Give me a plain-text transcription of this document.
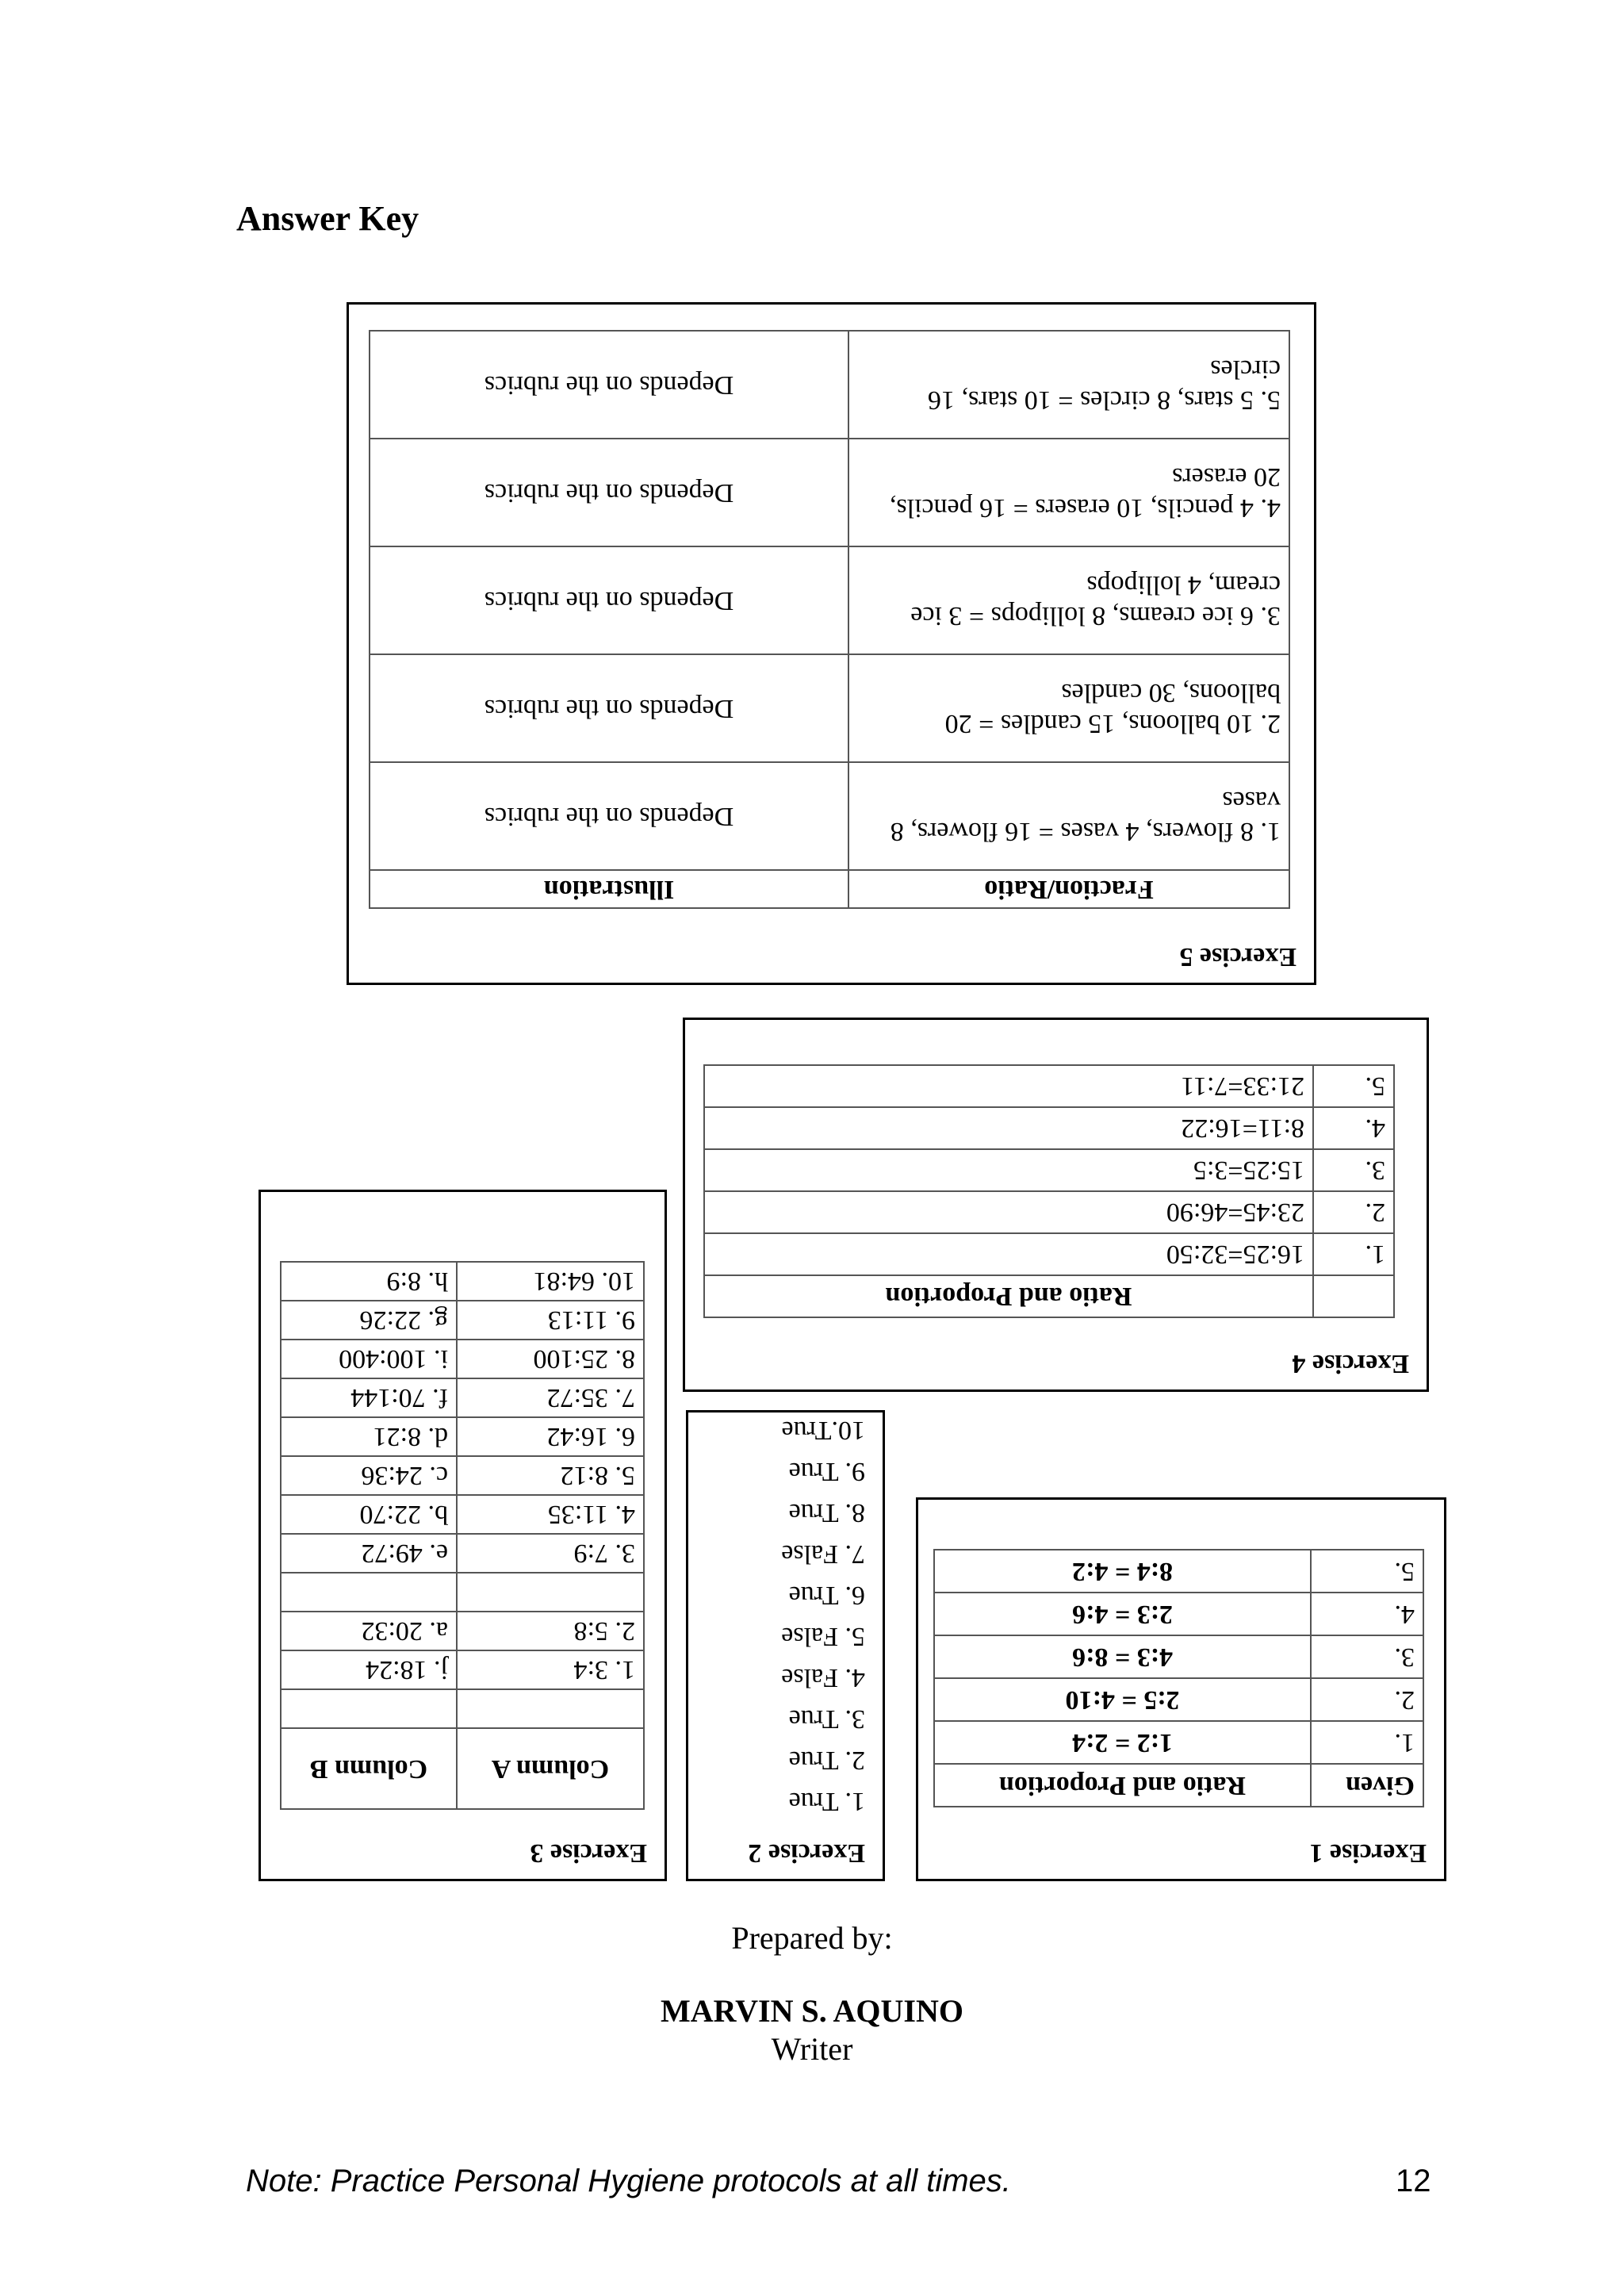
Answer Key

Exercise 5

Fraction/Ratio	Illustration
1. 8 flowers, 4 vases = 16 flowers, 8 vases	Depends on the rubrics
2. 10 balloons, 15 candles = 20 balloons, 30 candles	Depends on the rubrics
3. 6 ice creams, 8 lollipops = 3 ice cream, 4 lollipops	Depends on the rubrics
4. 4 pencils, 10 erasers = 16 pencils, 20 erasers	Depends on the rubrics
5. 5 stars, 8 circles = 10 stars, 16 circles	Depends on the rubrics

Exercise 4

	Ratio and Proportion
1.	16:25=32:50
2.	23:45=46:90
3.	15:25=3:5
4.	8:11=16:22
5.	21:33=7:11

Exercise 1

Given	Ratio and Proportion
1.	1:2 = 2:4
2.	2:5 = 4:10
3.	4:3 = 8:6
4.	2:3 = 4:6
5.	8:4 = 4:2

Exercise 2

1. True
2. True
3. True
4. False
5. False
6. True
7. False
8. True
9. True
10.True

Exercise 3

Column A	Column B

1. 3:4	j. 18:24
2. 5:8	a. 20:32

3. 7:9	e. 49:72
4. 11:35	b. 22:70
5. 8:12	c. 24:36
6. 16:42	d. 8:21
7. 35:72	f. 70:144
8. 25:100	i. 100:400
9. 11:13	g. 22:26
10. 64:81	h. 8:9
Prepared by:
MARVIN S. AQUINO
Writer
Note: Practice Personal Hygiene protocols at all times.	12
